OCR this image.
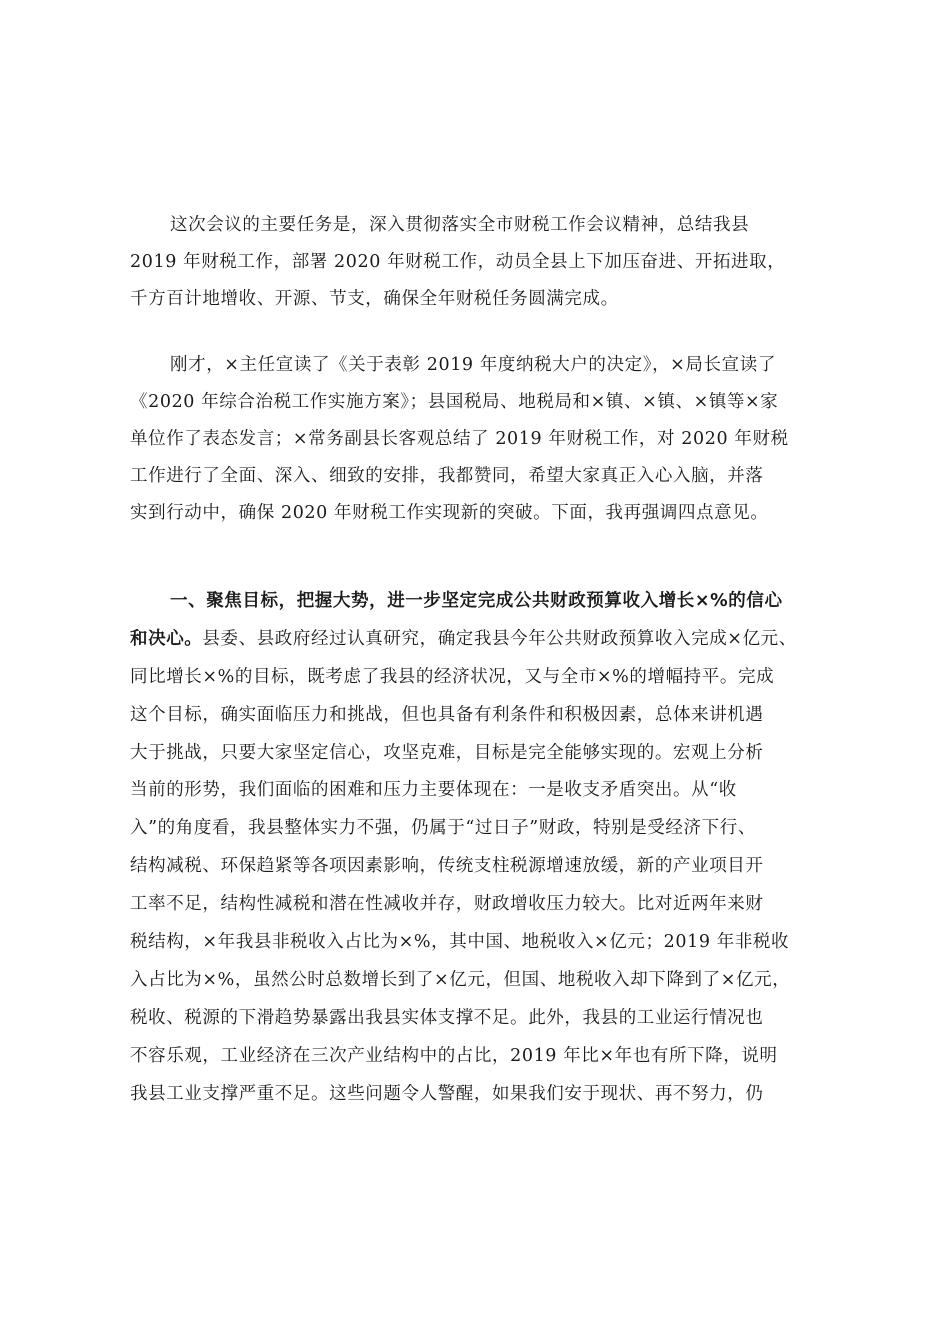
这次会议的主要任务是，深入贯彻落实全市财税工作会议精神，总结我县
2019 年财税工作，部署 2020 年财税工作，动员全县上下加压奋进、开拓进取，
千方百计地增收、开源、节支，确保全年财税任务圆满完成。
刚才，×主任宣读了《关于表彰 2019 年度纳税大户的决定》，×局长宣读了
《2020 年综合治税工作实施方案》；县国税局、地税局和×镇、×镇、×镇等×家
单位作了表态发言；×常务副县长客观总结了 2019 年财税工作，对 2020 年财税
工作进行了全面、深入、细致的安排，我都赞同，希望大家真正入心入脑，并落
实到行动中，确保 2020 年财税工作实现新的突破。下面，我再强调四点意见。
一、聚焦目标，把握大势，进一步坚定完成公共财政预算收入增长×%的信心
和决心。县委、县政府经过认真研究，确定我县今年公共财政预算收入完成×亿元、
同比增长×%的目标，既考虑了我县的经济状况，又与全市×%的增幅持平。完成
这个目标，确实面临压力和挑战，但也具备有利条件和积极因素，总体来讲机遇
大于挑战，只要大家坚定信心，攻坚克难，目标是完全能够实现的。宏观上分析
当前的形势，我们面临的困难和压力主要体现在：一是收支矛盾突出。从“收
入”的角度看，我县整体实力不强，仍属于“过日子”财政，特别是受经济下行、
结构减税、环保趋紧等各项因素影响，传统支柱税源增速放缓，新的产业项目开
工率不足，结构性减税和潜在性减收并存，财政增收压力较大。比对近两年来财
税结构，×年我县非税收入占比为×%，其中国、地税收入×亿元；2019 年非税收
入占比为×%，虽然公时总数增长到了×亿元，但国、地税收入却下降到了×亿元，
税收、税源的下滑趋势暴露出我县实体支撑不足。此外，我县的工业运行情况也
不容乐观，工业经济在三次产业结构中的占比，2019 年比×年也有所下降，说明
我县工业支撑严重不足。这些问题令人警醒，如果我们安于现状、再不努力，仍
